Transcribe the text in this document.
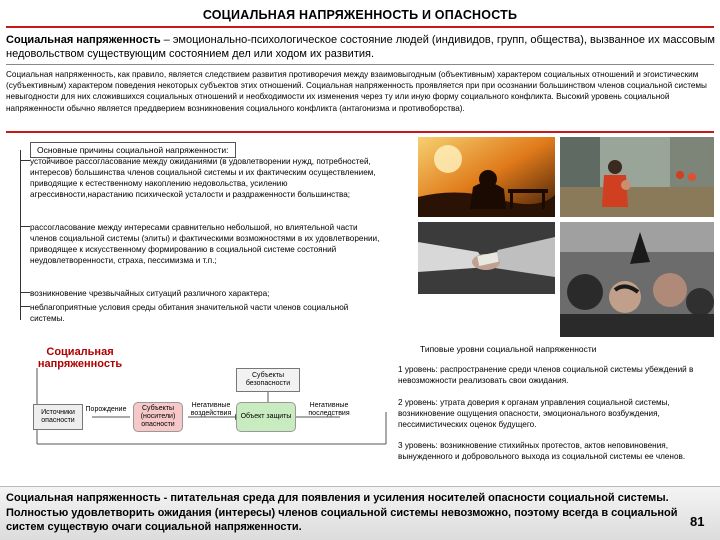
СОЦИАЛЬНАЯ НАПРЯЖЕННОСТЬ И ОПАСНОСТЬ
Социальная напряженность – эмоционально-психологическое состояние людей (индивидов, групп, общества), вызванное их массовым недовольством существующим состоянием дел или ходом их развития.
Социальная напряженность, как правило, является следствием развития противоречия между взаимовыгодным (объективным) характером социальных отношений и эгоистическим (субъективным) характером поведения некоторых субъектов этих отношений. Социальная напряженность проявляется при при осознании большинством членов социальной системы невыгодности для них сложившихся социальных отношений и необходимости их изменения через ту или иную форму социального конфликта. Высокий уровень социальной напряженности обычно является преддверием возникновения социального конфликта (антагонизма и противоборства).
Основные причины социальной напряженности:
устойчивое рассогласование между ожиданиями (в удовлетворении нужд, потребностей, интересов) большинства членов социальной системы и их фактическим осуществлением, приводящие к естественному накоплению недовольства, усилению агрессивности,нарастанию психической усталости и раздраженности большинства;
рассогласование между интересами сравнительно небольшой, но влиятельной части членов социальной системы (элиты) и фактическими возможностями в их удовлетворении, приводящее к искусственному формированию в социальной системе состояний неудовлетворенности, страха, пессимизма и т.п.;
возникновение чрезвычайных ситуаций различного характера;
неблагоприятные условия среды обитания значительной части членов социальной системы.
Социальная напряженность
Источники опасности
Порождение	Субъекты (носители) опасности
Негативные воздействия	Объект защиты
Негативные последствия
Субъекты безопасности
Типовые уровни социальной напряженности
1 уровень: распространение среди членов социальной системы убеждений в невозможности реализовать свои ожидания.
2 уровень: утрата доверия к органам управления социальной системы, возникновение ощущения опасности, эмоционального возбуждения, пессимистических оценок будущего.
3 уровень: возникновение стихийных протестов, актов неповиновения, вынужденного и добровольного выхода из социальной системы ее членов.
Социальная напряженность - питательная среда для появления и усиления носителей опасности социальной системы. Полностью удовлетворить ожидания (интересы) членов социальной системы невозможно, поэтому всегда в социальной систем существую очаги социальной напряженности.	81
